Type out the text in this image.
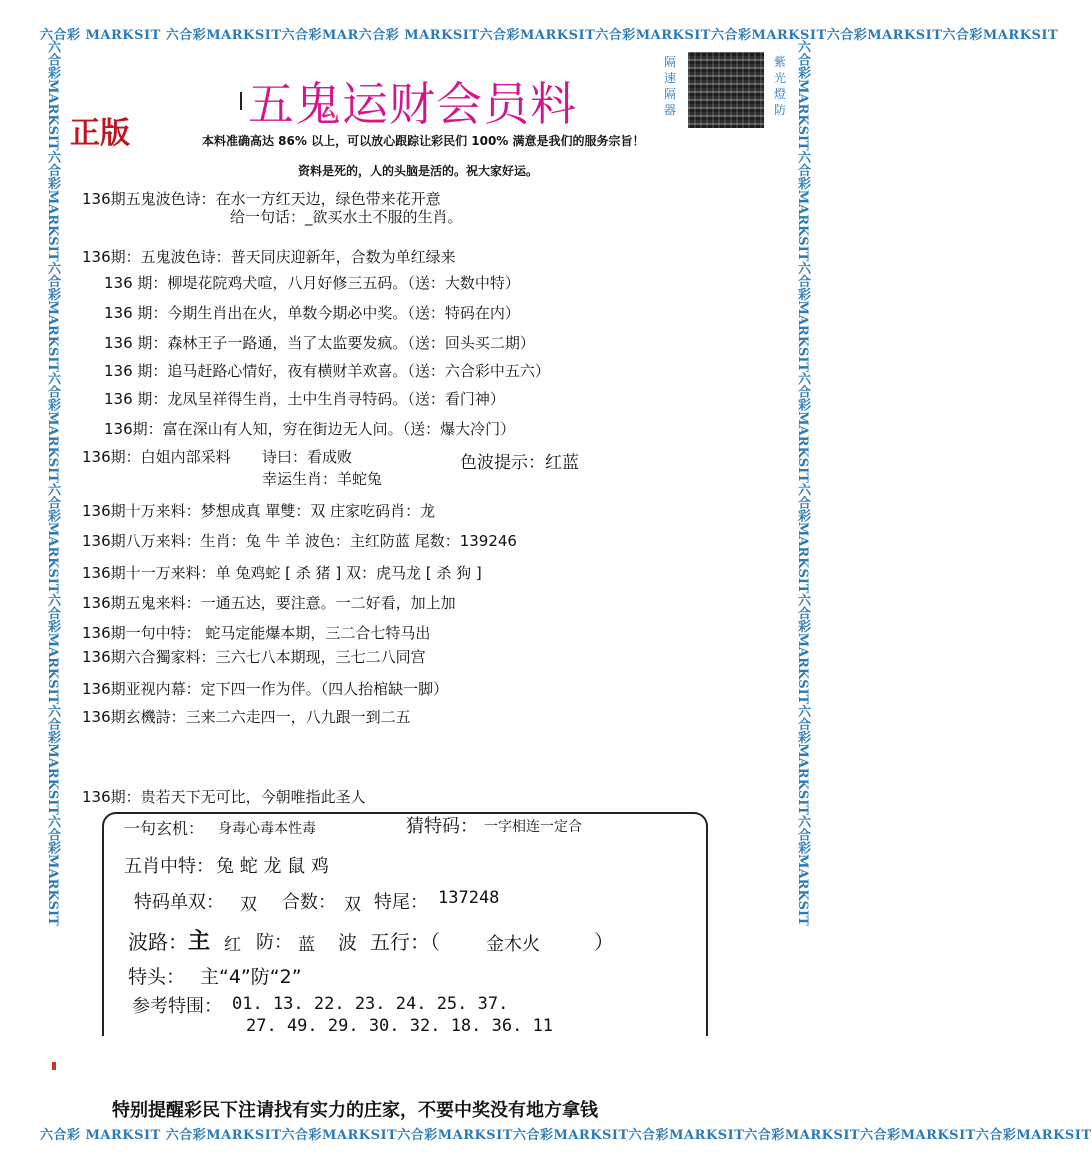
六合彩 MARKSIT 六合彩MARKSIT六合彩MAR六合彩 MARKSIT六合彩MARKSIT六合彩MARKSIT六合彩MARKSIT六合彩MARKSIT六合彩MARKSIT
六合彩 MARKSIT 六合彩MARKSIT六合彩MARKSIT六合彩MARKSIT六合彩MARKSIT六合彩MARKSIT六合彩MARKSIT六合彩MARKSIT六合彩MARKSIT
六合彩MARKSIT六合彩MARKSIT六合彩MARKSIT六合彩MARKSIT六合彩MARKSIT六合彩MARKSIT六合彩MARKSIT六合彩MARKSIT	六合彩MARKSIT六合彩MARKSIT六合彩MARKSIT六合彩MARKSIT六合彩MARKSIT六合彩MARKSIT六合彩MARKSIT六合彩MARKSIT
五鬼运财会员料
正版
隔速隔器
紫光燈防
本料准确高达 86% 以上，可以放心跟踪让彩民们 100% 满意是我们的服务宗旨！
资料是死的，人的头脑是活的。祝大家好运。
136期五鬼波色诗：在水一方红天边，绿色带来花开意
给一句话：_欲买水土不服的生肖。
136期：五鬼波色诗：普天同庆迎新年，合数为单红绿来
136 期：柳堤花院鸡犬喧，八月好修三五码。（送：大数中特）
136 期：今期生肖出在火，单数今期必中奖。（送：特码在内）
136 期：森林王子一路通，当了太监要发疯。（送：回头买二期）
136 期：追马赶路心情好，夜有横财羊欢喜。（送：六合彩中五六）
136 期：龙凤呈祥得生肖，土中生肖寻特码。（送：看门神）
136期：富在深山有人知，穷在街边无人问。（送：爆大冷门）
136期：白姐内部采料 诗曰：看成败
幸运生肖：羊蛇兔
色波提示：红蓝
136期十万来料：梦想成真 單雙：双 庄家吃码肖：龙
136期八万来料：生肖：兔 牛 羊 波色：主红防蓝 尾数：139246
136期十一万来料：单 兔鸡蛇 [ 杀 猪 ] 双：虎马龙 [ 杀 狗 ]
136期五鬼来料：一通五达，要注意。一二好看，加上加
136期一句中特： 蛇马定能爆本期，三二合七特马出
136期六合獨家料：三六七八本期现，三七二八同宫
136期亚视内幕：定下四一作为伴。（四人抬棺缺一脚）
136期玄機詩：三来二六走四一，八九跟一到二五
136期：贵若天下无可比，今朝唯指此圣人
一句玄机： 身毒心毒本性毒	猜特码： 一字相连一定合
五肖中特： 兔 蛇 龙 鼠 鸡
特码单双： 双 合数： 双 特尾： 137248
波路： 主 红 防： 蓝 波 五行：（	金木火	）
特头： 主“4”防“2”
参考特围： 01. 13. 22. 23. 24. 25. 37.
27. 49. 29. 30. 32. 18. 36. 11
特别提醒彩民下注请找有实力的庄家，不要中奖没有地方拿钱
